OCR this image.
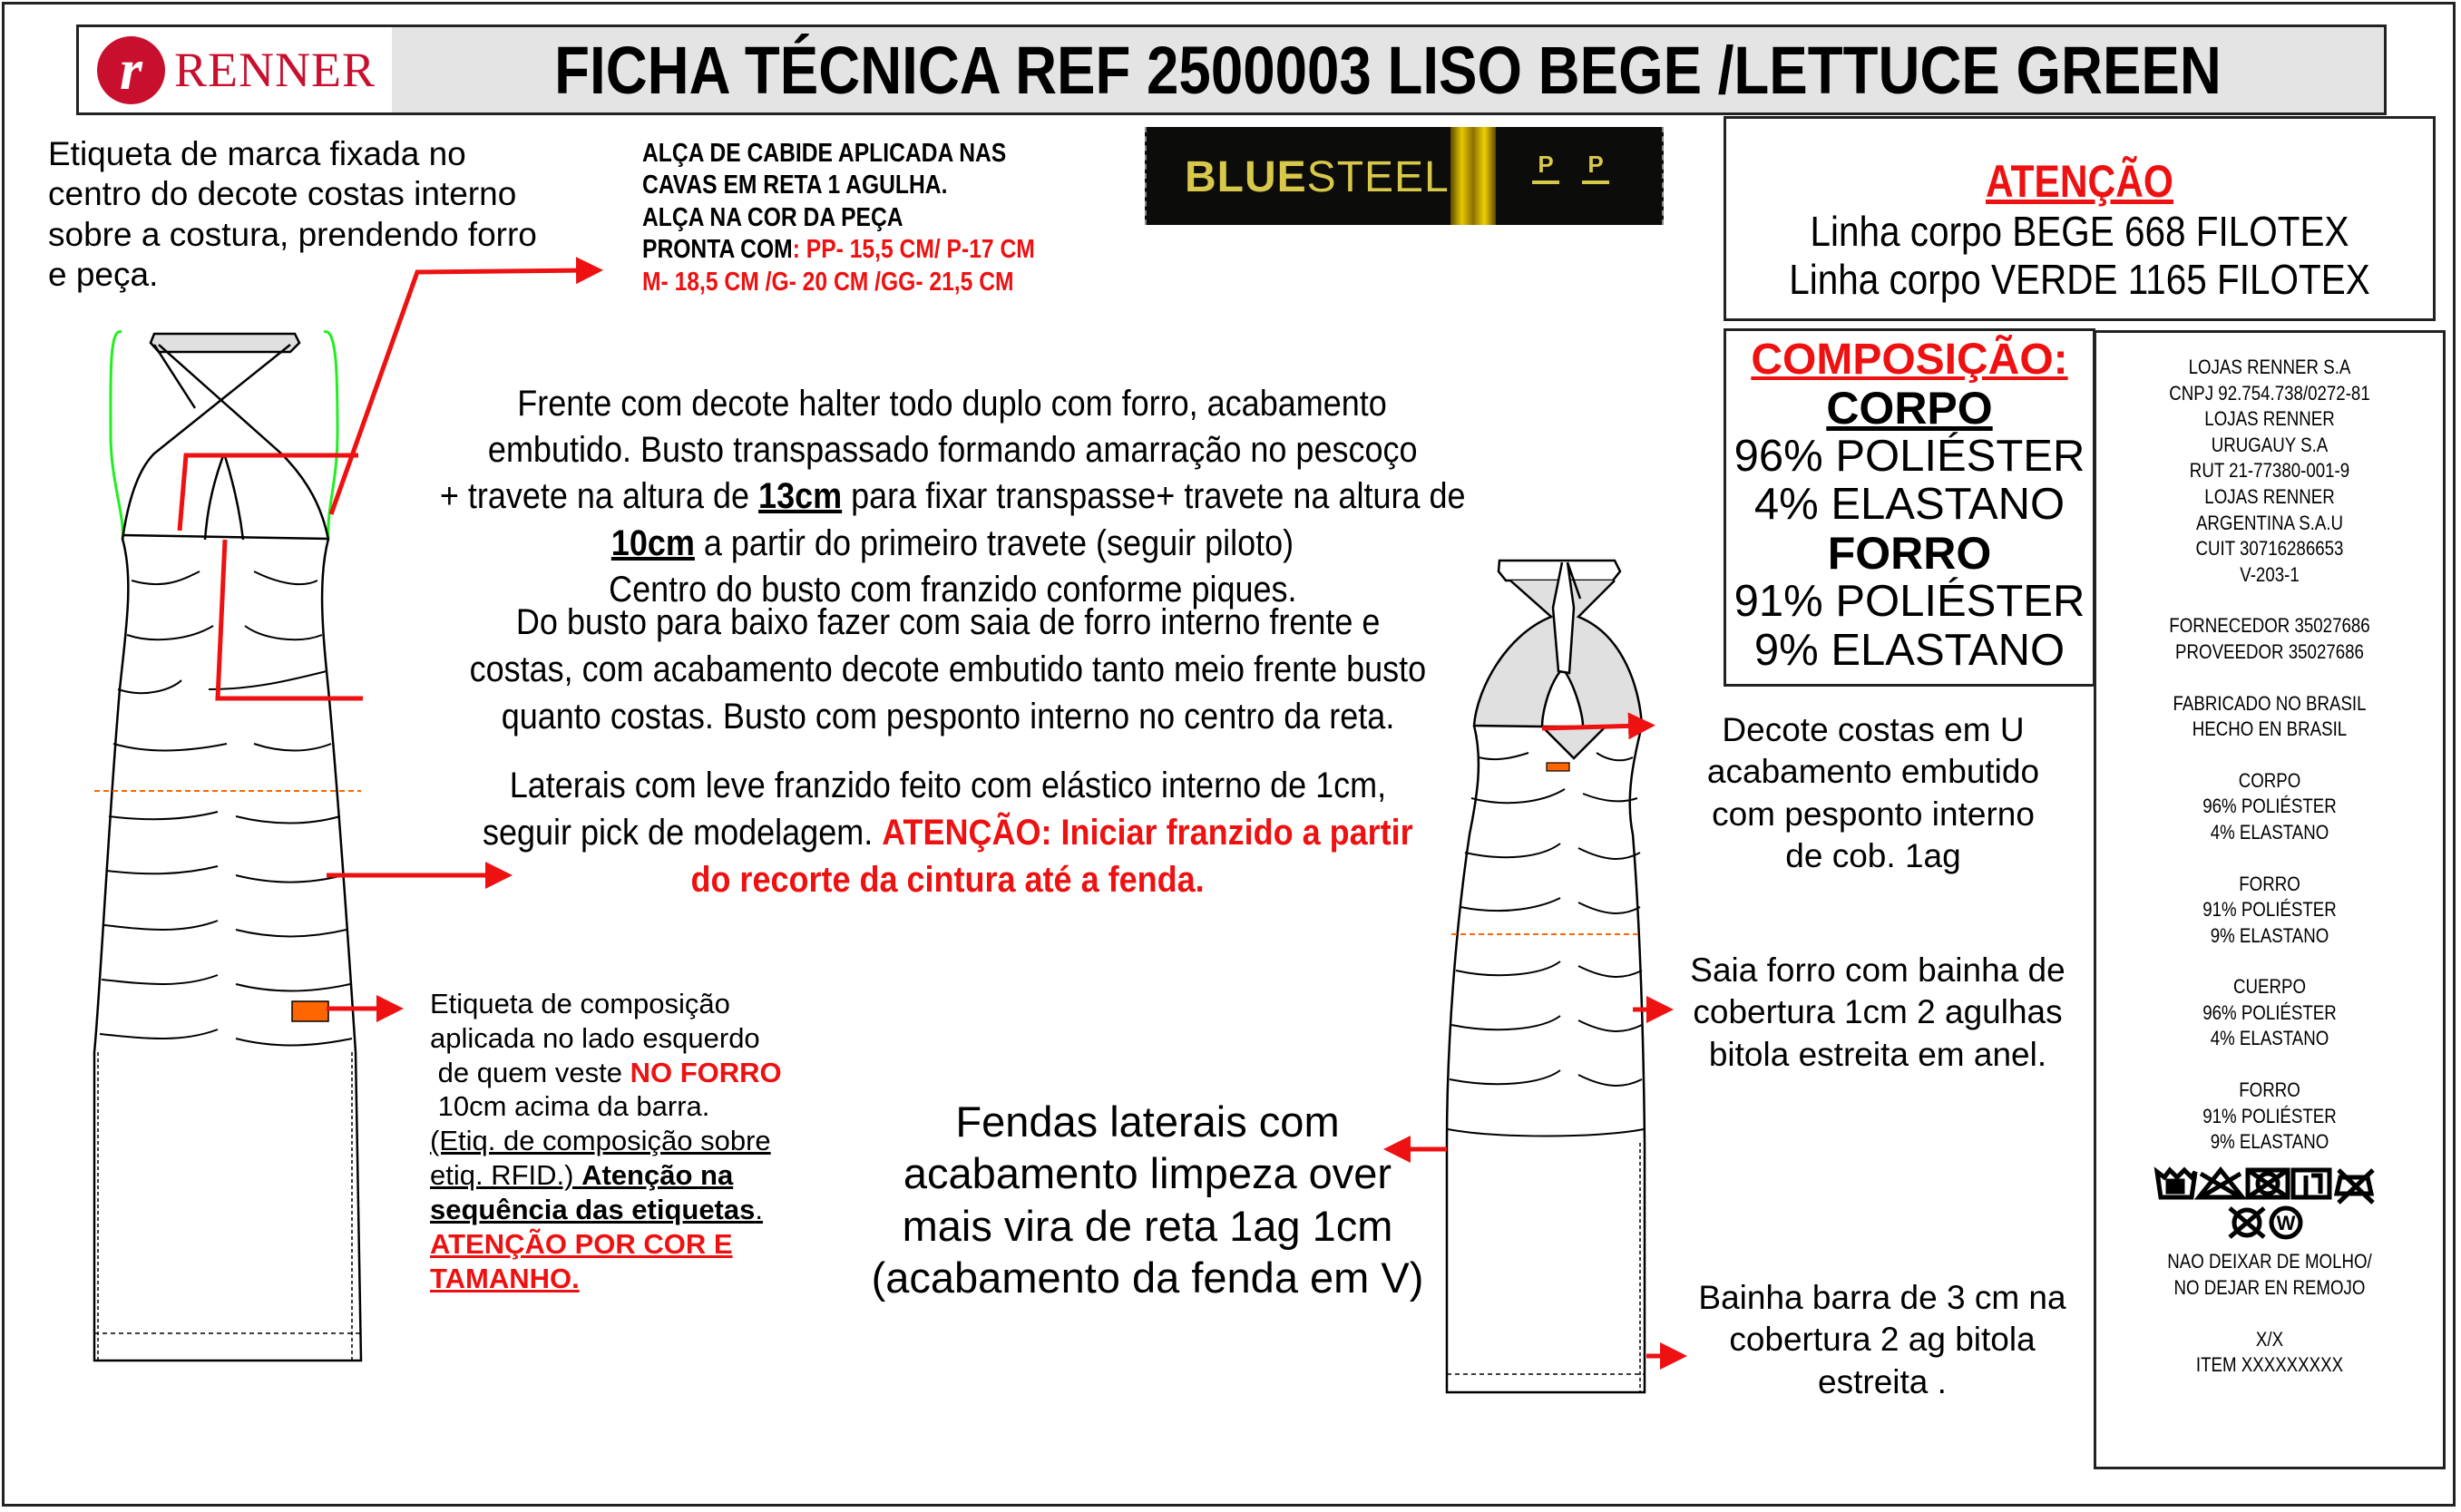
r RENNER	FICHA TÉCNICA REF 2500003 LISO BEGE /LETTUCE GREEN
Etiqueta de marca fixada no
centro do decote costas interno
sobre a costura, prendendo forro
e peça.
ALÇA DE CABIDE APLICADA NAS
CAVAS EM RETA 1 AGULHA.
ALÇA NA COR DA PEÇA
PRONTA COM: PP- 15,5 CM/ P-17 CM
M- 18,5 CM /G- 20 CM /GG- 21,5 CM
BLUESTEEL	P P	ATENÇÃO
Linha corpo BEGE 668 FILOTEX
Linha corpo VERDE 1165 FILOTEX
COMPOSIÇÃO:
CORPO
96% POLIÉSTER
4% ELASTANO
FORRO
91% POLIÉSTER
9% ELASTANO
LOJAS RENNER S.A
CNPJ 92.754.738/0272-81
LOJAS RENNER
URUGAUY S.A
RUT 21-77380-001-9
LOJAS RENNER
ARGENTINA S.A.U
CUIT 30716286653
V-203-1
FORNECEDOR 35027686
PROVEEDOR 35027686
FABRICADO NO BRASIL
HECHO EN BRASIL
CORPO
96% POLIÉSTER
4% ELASTANO
FORRO
91% POLIÉSTER
9% ELASTANO
CUERPO
96% POLIÉSTER
4% ELASTANO
FORRO
91% POLIÉSTER
9% ELASTANO
W
NAO DEIXAR DE MOLHO/
NO DEJAR EN REMOJO
X/X
ITEM XXXXXXXXX
Frente com decote halter todo duplo com forro, acabamento
embutido. Busto transpassado formando amarração no pescoço
+ travete na altura de 13cm para fixar transpasse+ travete na altura de
10cm a partir do primeiro travete (seguir piloto)
Centro do busto com franzido conforme piques.
Do busto para baixo fazer com saia de forro interno frente e
costas, com acabamento decote embutido tanto meio frente busto
quanto costas. Busto com pesponto interno no centro da reta.
Laterais com leve franzido feito com elástico interno de 1cm,
seguir pick de modelagem. ATENÇÃO: Iniciar franzido a partir
do recorte da cintura até a fenda.
Etiqueta de composição
aplicada no lado esquerdo
de quem veste NO FORRO
10cm acima da barra.
(Etiq. de composição sobre
etiq. RFID.) Atenção na
sequência das etiquetas.
ATENÇÃO POR COR E
TAMANHO.
Fendas laterais com
acabamento limpeza over
mais vira de reta 1ag 1cm
(acabamento da fenda em V)
Decote costas em U
acabamento embutido
com pesponto interno
de cob. 1ag
Saia forro com bainha de
cobertura 1cm 2 agulhas
bitola estreita em anel.
Bainha barra de 3 cm na
cobertura 2 ag bitola
estreita .
